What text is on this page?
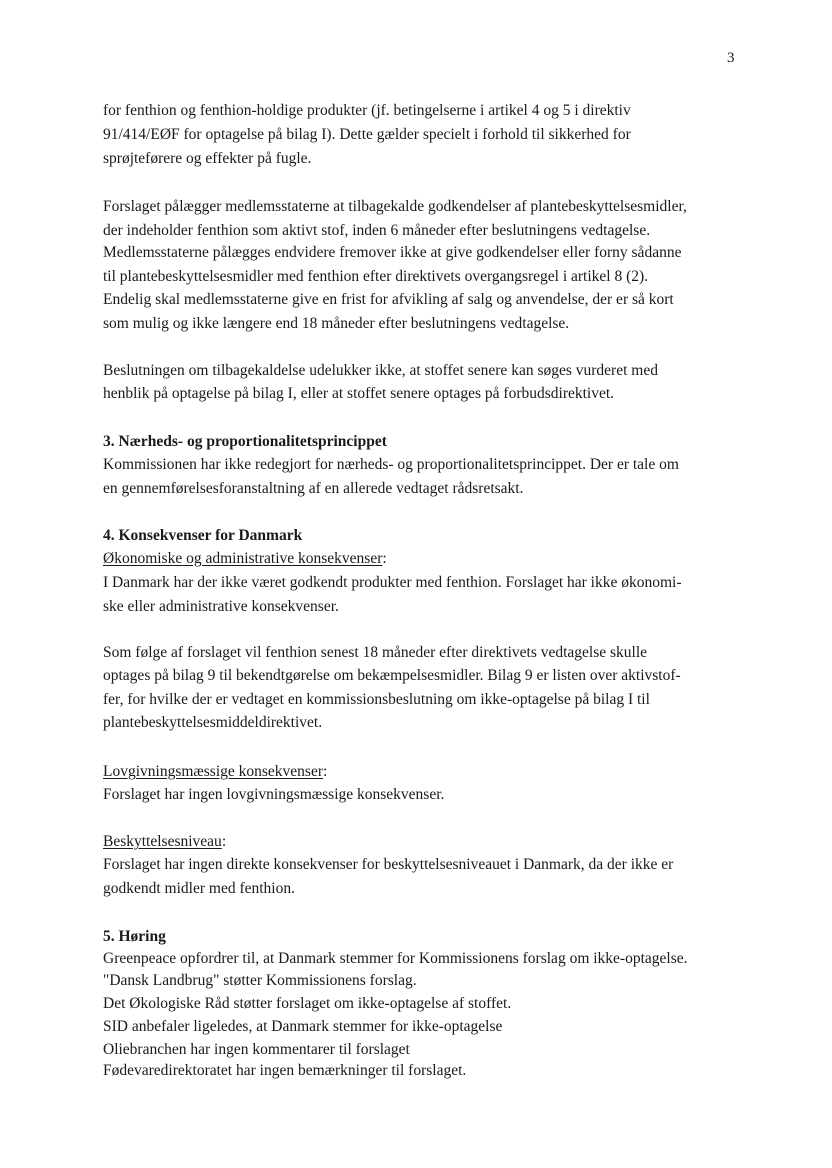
3
for fenthion og fenthion-holdige produkter (jf. betingelserne i artikel 4 og 5 i direktiv
91/414/EØF for optagelse på bilag I). Dette gælder specielt i forhold til sikkerhed for
sprøjteførere og effekter på fugle.
Forslaget pålægger medlemsstaterne at tilbagekalde godkendelser af plantebeskyttelsesmidler,
der indeholder fenthion som aktivt stof, inden 6 måneder efter beslutningens vedtagelse.
Medlemsstaterne pålægges endvidere fremover ikke at give godkendelser eller forny sådanne
til plantebeskyttelsesmidler med fenthion efter direktivets overgangsregel i artikel 8 (2).
Endelig skal medlemsstaterne give en frist for afvikling af salg og anvendelse, der er så kort
som mulig og ikke længere end 18 måneder efter beslutningens vedtagelse.
Beslutningen om tilbagekaldelse udelukker ikke, at stoffet senere kan søges vurderet med
henblik på optagelse på bilag I, eller at stoffet senere optages på forbudsdirektivet.
3. Nærheds- og proportionalitetsprincippet
Kommissionen har ikke redegjort for nærheds- og proportionalitetsprincippet. Der er tale om
en gennemførelsesforanstaltning af en allerede vedtaget rådsretsakt.
4. Konsekvenser for Danmark
Økonomiske og administrative konsekvenser:
I Danmark har der ikke været godkendt produkter med fenthion. Forslaget har ikke økonomi-
ske eller administrative konsekvenser.
Som følge af forslaget vil fenthion senest 18 måneder efter direktivets vedtagelse skulle
optages på bilag 9 til bekendtgørelse om bekæmpelsesmidler. Bilag 9 er listen over aktivstof-
fer, for hvilke der er vedtaget en kommissionsbeslutning om ikke-optagelse på bilag I til
plantebeskyttelsesmiddeldirektivet.
Lovgivningsmæssige konsekvenser:
Forslaget har ingen lovgivningsmæssige konsekvenser.
Beskyttelsesniveau:
Forslaget har ingen direkte konsekvenser for beskyttelsesniveauet i Danmark, da der ikke er
godkendt midler med fenthion.
5. Høring
Greenpeace opfordrer til, at Danmark stemmer for Kommissionens forslag om ikke-optagelse.
"Dansk Landbrug" støtter Kommissionens forslag.
Det Økologiske Råd støtter forslaget om ikke-optagelse af stoffet.
SID anbefaler ligeledes, at Danmark stemmer for ikke-optagelse
Oliebranchen har ingen kommentarer til forslaget
Fødevaredirektoratet har ingen bemærkninger til forslaget.
